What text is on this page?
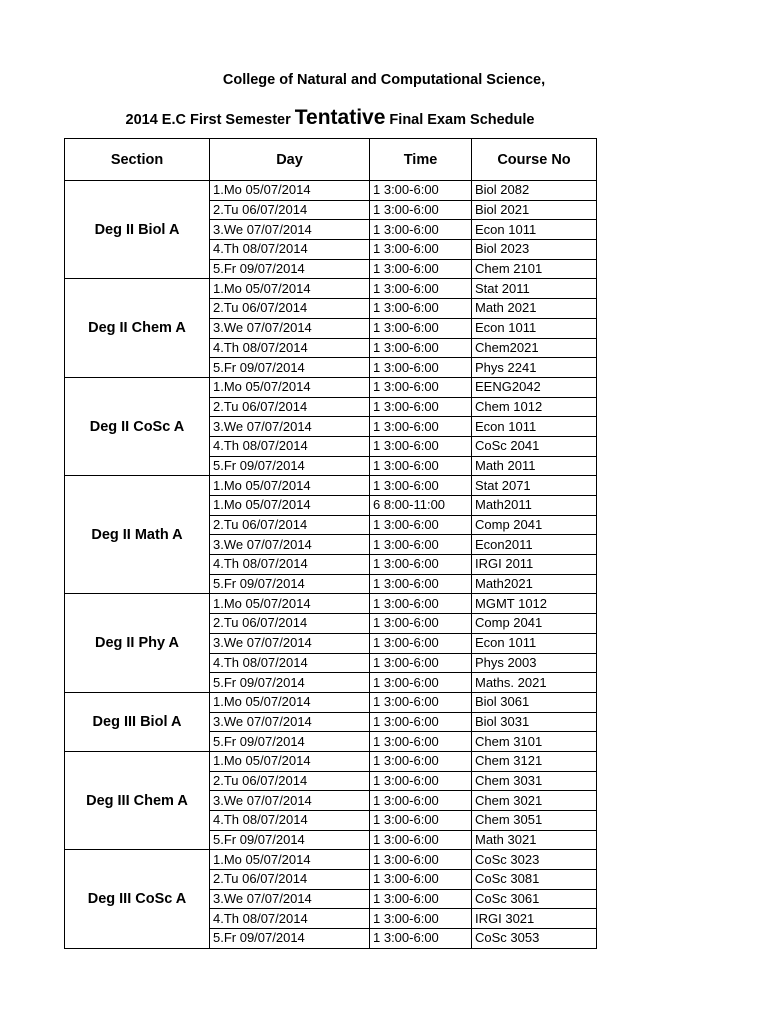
College of Natural and Computational Science,
2014 E.C First Semester Tentative Final Exam Schedule
Section	Day	Time	Course No
Deg II Biol A	1.Mo 05/07/2014	1 3:00-6:00	Biol 2082
	2.Tu 06/07/2014	1 3:00-6:00	Biol 2021
	3.We 07/07/2014	1 3:00-6:00	Econ 1011
	4.Th 08/07/2014	1 3:00-6:00	Biol 2023
	5.Fr 09/07/2014	1 3:00-6:00	Chem 2101
Deg II Chem A	1.Mo 05/07/2014	1 3:00-6:00	Stat 2011
	2.Tu 06/07/2014	1 3:00-6:00	Math 2021
	3.We 07/07/2014	1 3:00-6:00	Econ 1011
	4.Th 08/07/2014	1 3:00-6:00	Chem2021
	5.Fr 09/07/2014	1 3:00-6:00	Phys 2241
Deg II CoSc A	1.Mo 05/07/2014	1 3:00-6:00	EENG2042
	2.Tu 06/07/2014	1 3:00-6:00	Chem 1012
	3.We 07/07/2014	1 3:00-6:00	Econ 1011
	4.Th 08/07/2014	1 3:00-6:00	CoSc 2041
	5.Fr 09/07/2014	1 3:00-6:00	Math 2011
Deg II Math A	1.Mo 05/07/2014	1 3:00-6:00	Stat 2071
	1.Mo 05/07/2014	6 8:00-11:00	Math2011
	2.Tu 06/07/2014	1 3:00-6:00	Comp 2041
	3.We 07/07/2014	1 3:00-6:00	Econ2011
	4.Th 08/07/2014	1 3:00-6:00	IRGI 2011
	5.Fr 09/07/2014	1 3:00-6:00	Math2021
Deg II Phy A	1.Mo 05/07/2014	1 3:00-6:00	MGMT 1012
	2.Tu 06/07/2014	1 3:00-6:00	Comp 2041
	3.We 07/07/2014	1 3:00-6:00	Econ 1011
	4.Th 08/07/2014	1 3:00-6:00	Phys 2003
	5.Fr 09/07/2014	1 3:00-6:00	Maths. 2021
Deg III Biol A	1.Mo 05/07/2014	1 3:00-6:00	Biol 3061
	3.We 07/07/2014	1 3:00-6:00	Biol 3031
	5.Fr 09/07/2014	1 3:00-6:00	Chem 3101
Deg III Chem A	1.Mo 05/07/2014	1 3:00-6:00	Chem 3121
	2.Tu 06/07/2014	1 3:00-6:00	Chem 3031
	3.We 07/07/2014	1 3:00-6:00	Chem 3021
	4.Th 08/07/2014	1 3:00-6:00	Chem 3051
	5.Fr 09/07/2014	1 3:00-6:00	Math 3021
Deg III CoSc A	1.Mo 05/07/2014	1 3:00-6:00	CoSc 3023
	2.Tu 06/07/2014	1 3:00-6:00	CoSc 3081
	3.We 07/07/2014	1 3:00-6:00	CoSc 3061
	4.Th 08/07/2014	1 3:00-6:00	IRGI 3021
	5.Fr 09/07/2014	1 3:00-6:00	CoSc 3053
